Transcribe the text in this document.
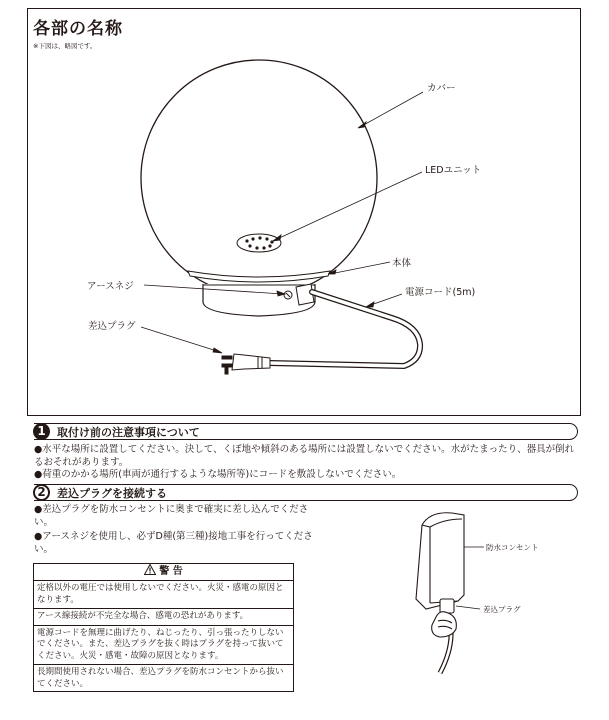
各部の名称
※下図は、略図です。
カバー
LEDユニット
本体
アースネジ
電源コード(5m)
差込プラグ
1	取付け前の注意事項について
●水平な場所に設置してください。決して、くぼ地や傾斜のある場所には設置しないでください。水がたまったり、器具が倒れるおそれがあります。
●荷重のかかる場所(車両が通行するような場所等)にコードを敷設しないでください。
2	差込プラグを接続する
●差込プラグを防水コンセントに奥まで確実に差し込んでください。
●アースネジを使用し、必ずD種(第三種)接地工事を行ってください。	防水コンセント
差込プラグ
警 告
定格以外の電圧では使用しないでください。火災・感電の原因となります。
アース線接続が不完全な場合、感電の恐れがあります。
電源コードを無理に曲げたり、ねじったり、引っ張ったりしないでください。また、差込プラグを抜く時はプラグを持って抜いてください。火災・感電・故障の原因となります。
長期間使用されない場合、差込プラグを防水コンセントから抜いてください。
